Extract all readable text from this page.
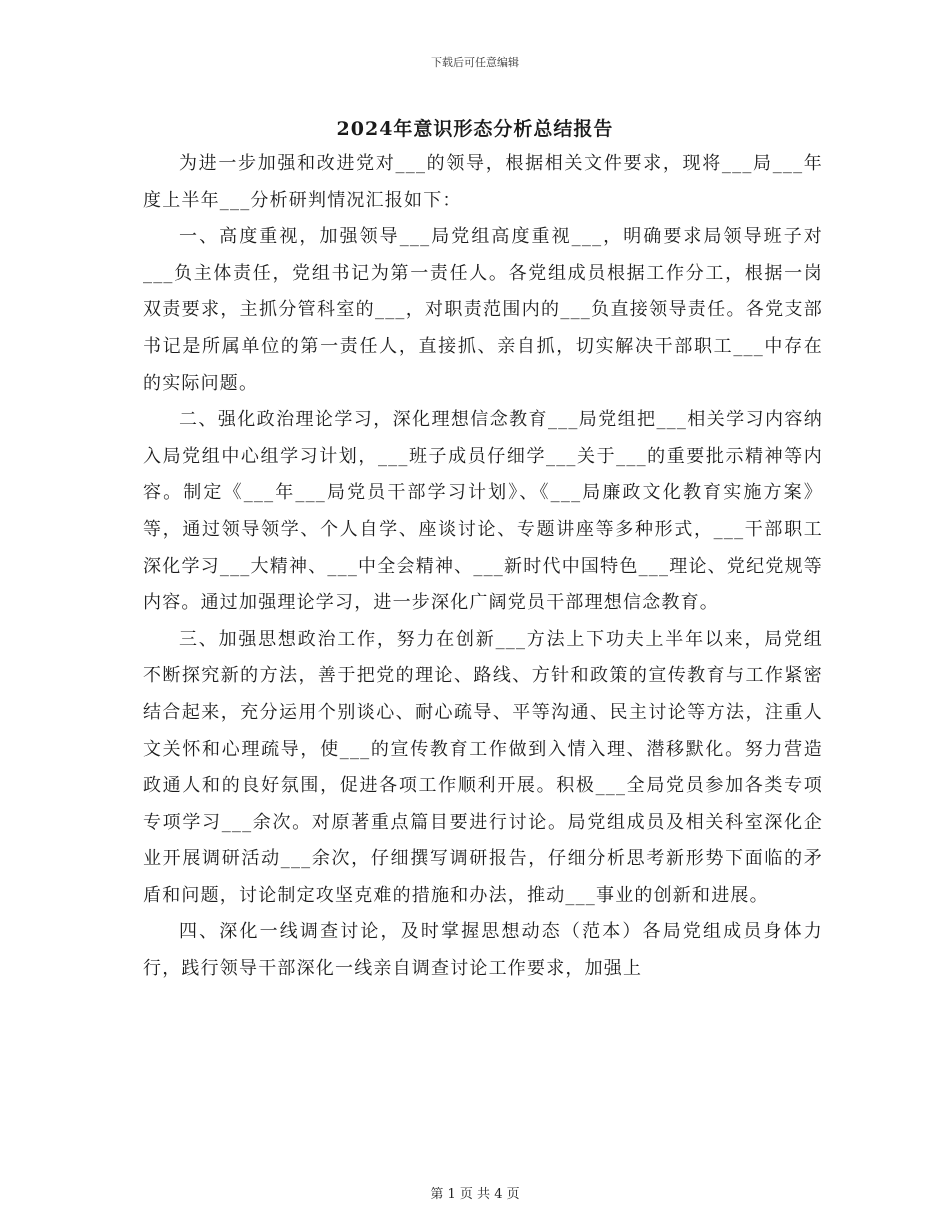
下载后可任意编辑
2024年意识形态分析总结报告

为进一步加强和改进党对___的领导，根据相关文件要求，现将___局___年度上半年___分析研判情况汇报如下：

一、高度重视，加强领导___局党组高度重视___，明确要求局领导班子对___负主体责任，党组书记为第一责任人。各党组成员根据工作分工，根据一岗双责要求，主抓分管科室的___，对职责范围内的___负直接领导责任。各党支部书记是所属单位的第一责任人，直接抓、亲自抓，切实解决干部职工___中存在的实际问题。

二、强化政治理论学习，深化理想信念教育___局党组把___相关学习内容纳入局党组中心组学习计划，___班子成员仔细学___关于___的重要批示精神等内容。制定《___年___局党员干部学习计划》、《___局廉政文化教育实施方案》等，通过领导领学、个人自学、座谈讨论、专题讲座等多种形式，___干部职工深化学习___大精神、___中全会精神、___新时代中国特色___理论、党纪党规等内容。通过加强理论学习，进一步深化广阔党员干部理想信念教育。

三、加强思想政治工作，努力在创新___方法上下功夫上半年以来，局党组不断探究新的方法，善于把党的理论、路线、方针和政策的宣传教育与工作紧密结合起来，充分运用个别谈心、耐心疏导、平等沟通、民主讨论等方法，注重人文关怀和心理疏导，使___的宣传教育工作做到入情入理、潜移默化。努力营造政通人和的良好氛围，促进各项工作顺利开展。积极___全局党员参加各类专项专项学习___余次。对原著重点篇目要进行讨论。局党组成员及相关科室深化企业开展调研活动___余次，仔细撰写调研报告，仔细分析思考新形势下面临的矛盾和问题，讨论制定攻坚克难的措施和办法，推动___事业的创新和进展。

四、深化一线调查讨论，及时掌握思想动态（范本）各局党组成员身体力行，践行领导干部深化一线亲自调查讨论工作要求，加强上

第 1 页 共 4 页
